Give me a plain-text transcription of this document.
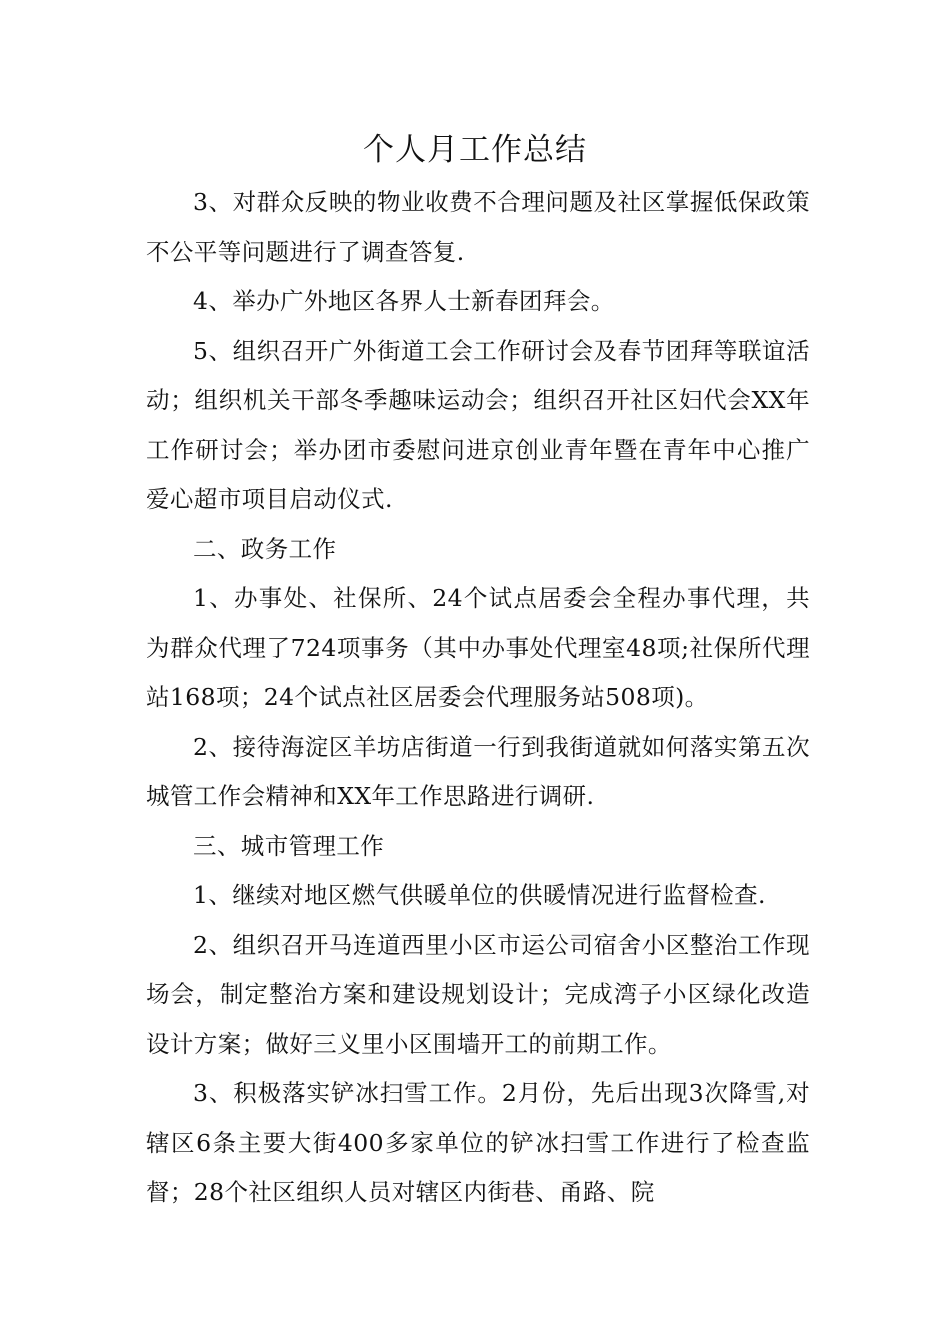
个人月工作总结

3、对群众反映的物业收费不合理问题及社区掌握低保政策不公平等问题进行了调查答复.

4、举办广外地区各界人士新春团拜会。

5、组织召开广外街道工会工作研讨会及春节团拜等联谊活动；组织机关干部冬季趣味运动会；组织召开社区妇代会XX年工作研讨会；举办团市委慰问进京创业青年暨在青年中心推广爱心超市项目启动仪式.

二、政务工作

1、办事处、社保所、24个试点居委会全程办事代理，共为群众代理了724项事务（其中办事处代理室48项;社保所代理站168项；24个试点社区居委会代理服务站508项)。

2、接待海淀区羊坊店街道一行到我街道就如何落实第五次城管工作会精神和XX年工作思路进行调研.

三、城市管理工作

1、继续对地区燃气供暖单位的供暖情况进行监督检查.

2、组织召开马连道西里小区市运公司宿舍小区整治工作现场会，制定整治方案和建设规划设计；完成湾子小区绿化改造设计方案；做好三义里小区围墙开工的前期工作。

3、积极落实铲冰扫雪工作。2月份，先后出现3次降雪,对辖区6条主要大街400多家单位的铲冰扫雪工作进行了检查监督；28个社区组织人员对辖区内街巷、甬路、院
